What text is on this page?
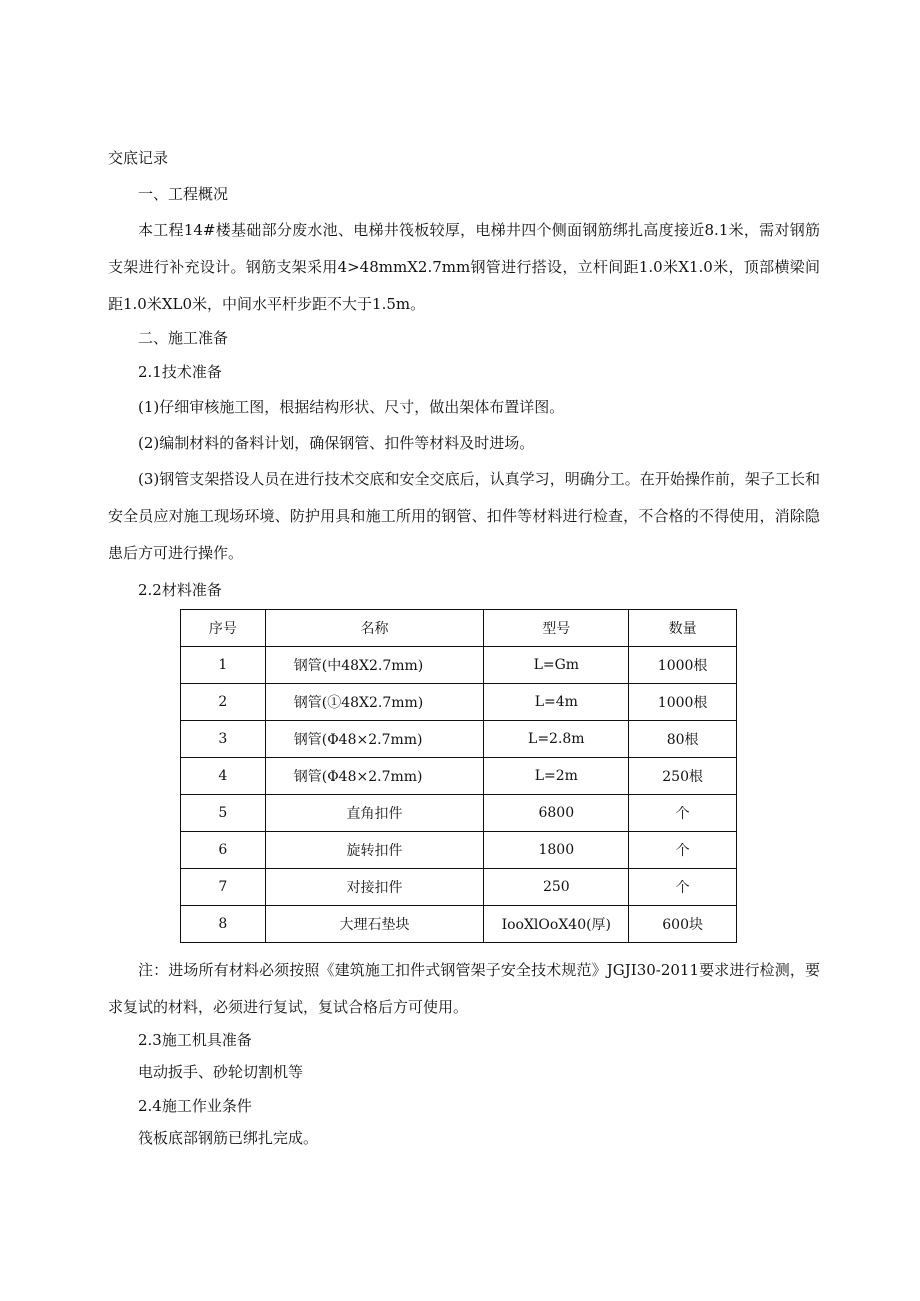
交底记录
一、工程概况
本工程14#楼基础部分废水池、电梯井筏板较厚，电梯井四个侧面钢筋绑扎高度接近8.1米，需对钢筋支架进行补充设计。钢筋支架采用4>48mmX2.7mm钢管进行搭设，立杆间距1.0米X1.0米，顶部横梁间距1.0米XL0米，中间水平杆步距不大于1.5m。
二、施工准备
2.1技术准备
(1)仔细审核施工图，根据结构形状、尺寸，做出架体布置详图。
(2)编制材料的备料计划，确保钢管、扣件等材料及时进场。
(3)钢管支架搭设人员在进行技术交底和安全交底后，认真学习，明确分工。在开始操作前，架子工长和安全员应对施工现场环境、防护用具和施工所用的钢管、扣件等材料进行检查，不合格的不得使用，消除隐患后方可进行操作。
2.2材料准备
序号	名称	型号	数量
1	钢管(中48X2.7mm)	L=Gm	1000根
2	钢管(①48X2.7mm)	L=4m	1000根
3	钢管(Φ48×2.7mm)	L=2.8m	80根
4	钢管(Φ48×2.7mm)	L=2m	250根
5	直角扣件	6800	个
6	旋转扣件	1800	个
7	对接扣件	250	个
8	大理石垫块	IooXlOoX40(厚)	600块
注：进场所有材料必须按照《建筑施工扣件式钢管架子安全技术规范》JGJI30-2011要求进行检测，要求复试的材料，必须进行复试，复试合格后方可使用。
2.3施工机具准备
电动扳手、砂轮切割机等
2.4施工作业条件
筏板底部钢筋已绑扎完成。
